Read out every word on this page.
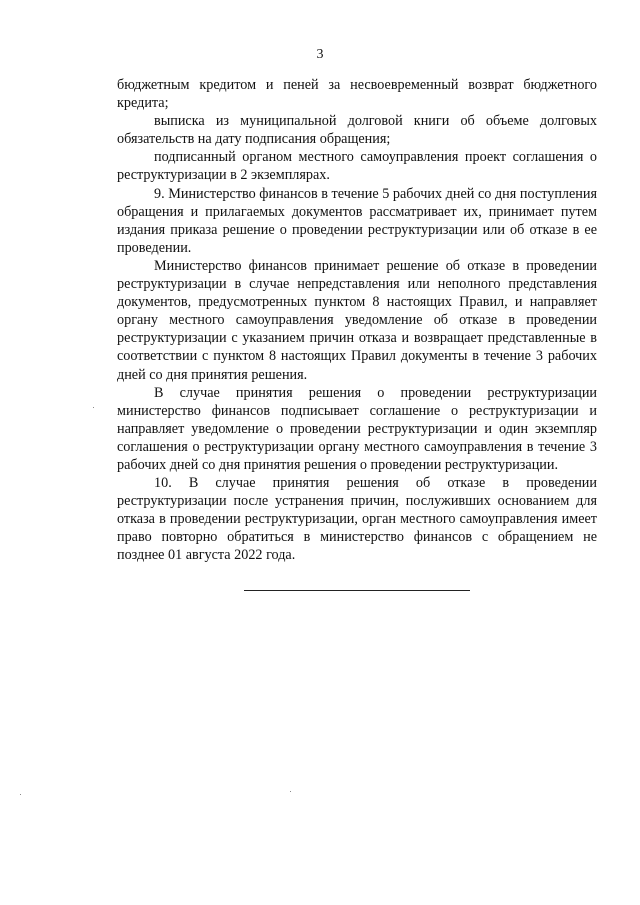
3

бюджетным кредитом и пеней за несвоевременный возврат бюджетного кредита;

выписка из муниципальной долговой книги об объеме долговых обязательств на дату подписания обращения;

подписанный органом местного самоуправления проект соглашения о реструктуризации в 2 экземплярах.

9. Министерство финансов в течение 5 рабочих дней со дня поступления обращения и прилагаемых документов рассматривает их, принимает путем издания приказа решение о проведении реструктуризации или об отказе в ее проведении.

Министерство финансов принимает решение об отказе в проведении реструктуризации в случае непредставления или неполного представления документов, предусмотренных пунктом 8 настоящих Правил, и направляет органу местного самоуправления уведомление об отказе в проведении реструктуризации с указанием причин отказа и возвращает представленные в соответствии с пунктом 8 настоящих Правил документы в течение 3 рабочих дней со дня принятия решения.

В случае принятия решения о проведении реструктуризации министерство финансов подписывает соглашение о реструктуризации и направляет уведомление о проведении реструктуризации и один экземпляр соглашения о реструктуризации органу местного самоуправления в течение 3 рабочих дней со дня принятия решения о проведении реструктуризации.

10. В случае принятия решения об отказе в проведении реструктуризации после устранения причин, послуживших основанием для отказа в проведении реструктуризации, орган местного самоуправления имеет право повторно обратиться в министерство финансов с обращением не позднее 01 августа 2022 года.
